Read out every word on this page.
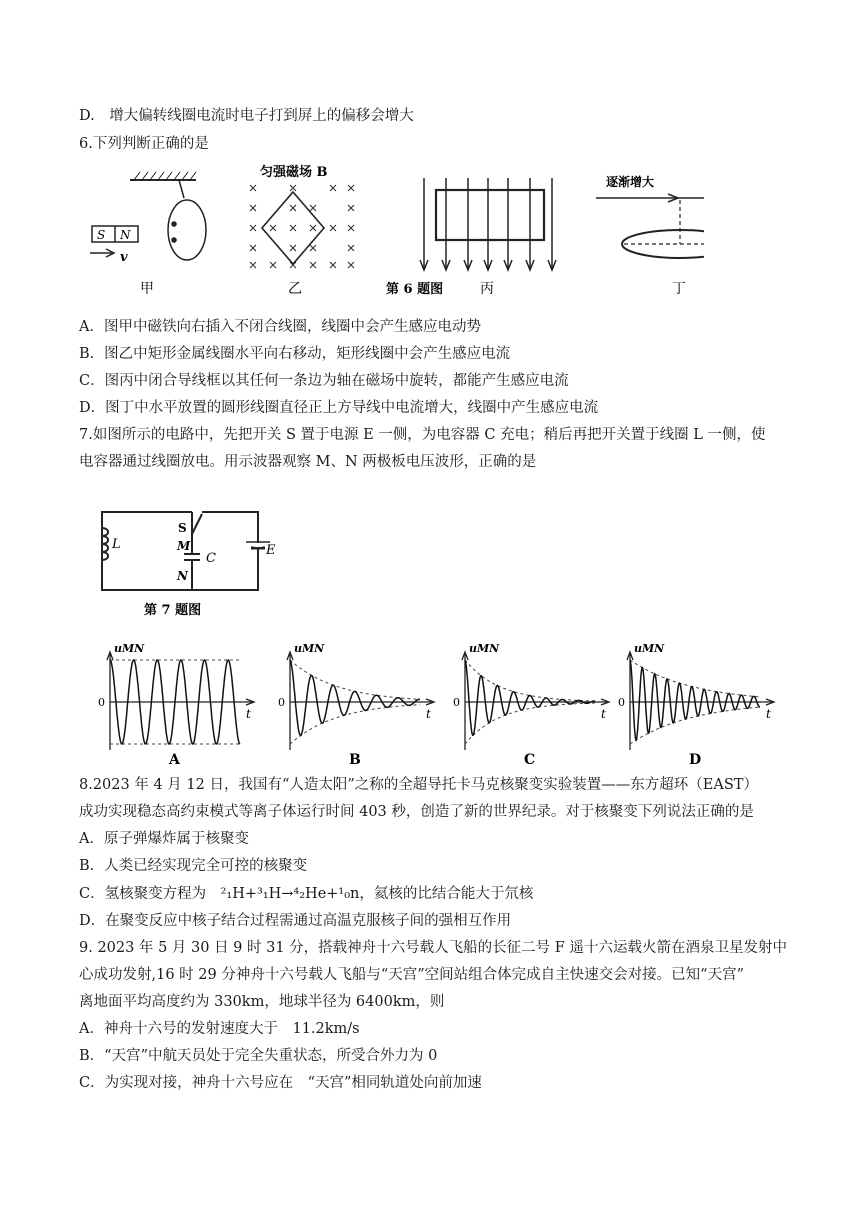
D.　增大偏转线圈电流时电子打到屏上的偏移会增大
6.下列判断正确的是
S N
v
甲
匀强磁场 B
乙	第 6 题图	丙
逐渐增大
丁
A．图甲中磁铁向右插入不闭合线圈，线圈中会产生感应电动势
B．图乙中矩形金属线圈水平向右移动，矩形线圈中会产生感应电流
C．图丙中闭合导线框以其任何一条边为轴在磁场中旋转，都能产生感应电流
D．图丁中水平放置的圆形线圈直径正上方导线中电流增大，线圈中产生感应电流
7.如图所示的电路中，先把开关 S 置于电源 E 一侧，为电容器 C 充电；稍后再把开关置于线圈 L 一侧，使
电容器通过线圈放电。用示波器观察 M、N 两极板电压波形，正确的是
L
S
M
N
C
E
第 7 题图
uMN
0
t
A
uMN
0
t
B
uMN
0
t
C
uMN
0
t
D
8.2023 年 4 月 12 日，我国有“人造太阳”之称的全超导托卡马克核聚变实验装置——东方超环（EAST）
成功实现稳态高约束模式等离子体运行时间 403 秒，创造了新的世界纪录。对于核聚变下列说法正确的是
A．原子弹爆炸属于核聚变
B．人类已经实现完全可控的核聚变
C．氢核聚变方程为　²₁H+³₁H→⁴₂He+¹₀n，氦核的比结合能大于氘核
D．在聚变反应中核子结合过程需通过高温克服核子间的强相互作用
9. 2023 年 5 月 30 日 9 时 31 分，搭载神舟十六号载人飞船的长征二号 F 遥十六运载火箭在酒泉卫星发射中
心成功发射,16 时 29 分神舟十六号载人飞船与“天宫”空间站组合体完成自主快速交会对接。已知“天宫”
离地面平均高度约为 330km，地球半径为 6400km，则
A．神舟十六号的发射速度大于　11.2km/s
B．“天宫”中航天员处于完全失重状态，所受合外力为 0
C．为实现对接，神舟十六号应在　“天宫”相同轨道处向前加速
